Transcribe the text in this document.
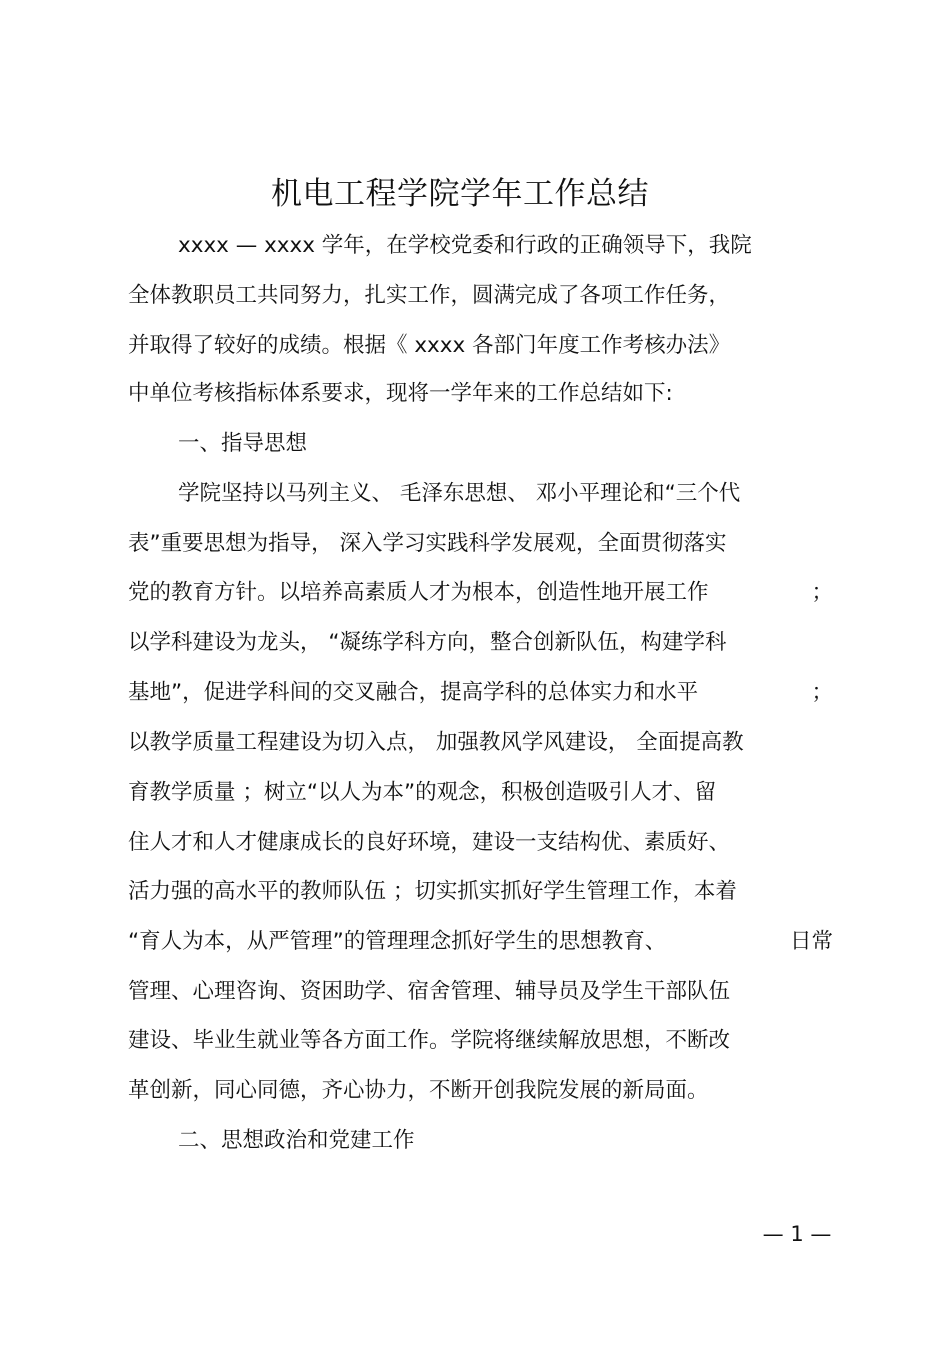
机电工程学院学年工作总结
xxxx — xxxx 学年，在学校党委和行政的正确领导下，我院
全体教职员工共同努力，扎实工作，圆满完成了各项工作任务，
并取得了较好的成绩。根据《 xxxx 各部门年度工作考核办法》
中单位考核指标体系要求，现将一学年来的工作总结如下:
一、指导思想
学院坚持以马列主义、 毛泽东思想、 邓小平理论和“三个代
表”重要思想为指导， 深入学习实践科学发展观，全面贯彻落实
党的教育方针。以培养高素质人才为根本，创造性地开展工作	；
以学科建设为龙头， “凝练学科方向，整合创新队伍，构建学科
基地”，促进学科间的交叉融合，提高学科的总体实力和水平	；
以教学质量工程建设为切入点， 加强教风学风建设， 全面提高教
育教学质量 ；树立“以人为本”的观念，积极创造吸引人才、留
住人才和人才健康成长的良好环境，建设一支结构优、素质好、
活力强的高水平的教师队伍 ；切实抓实抓好学生管理工作，本着
“育人为本，从严管理”的管理理念抓好学生的思想教育、	日常
管理、心理咨询、资困助学、宿舍管理、辅导员及学生干部队伍
建设、毕业生就业等各方面工作。学院将继续解放思想，不断改
革创新，同心同德，齐心协力，不断开创我院发展的新局面。
二、思想政治和党建工作
— 1 —
